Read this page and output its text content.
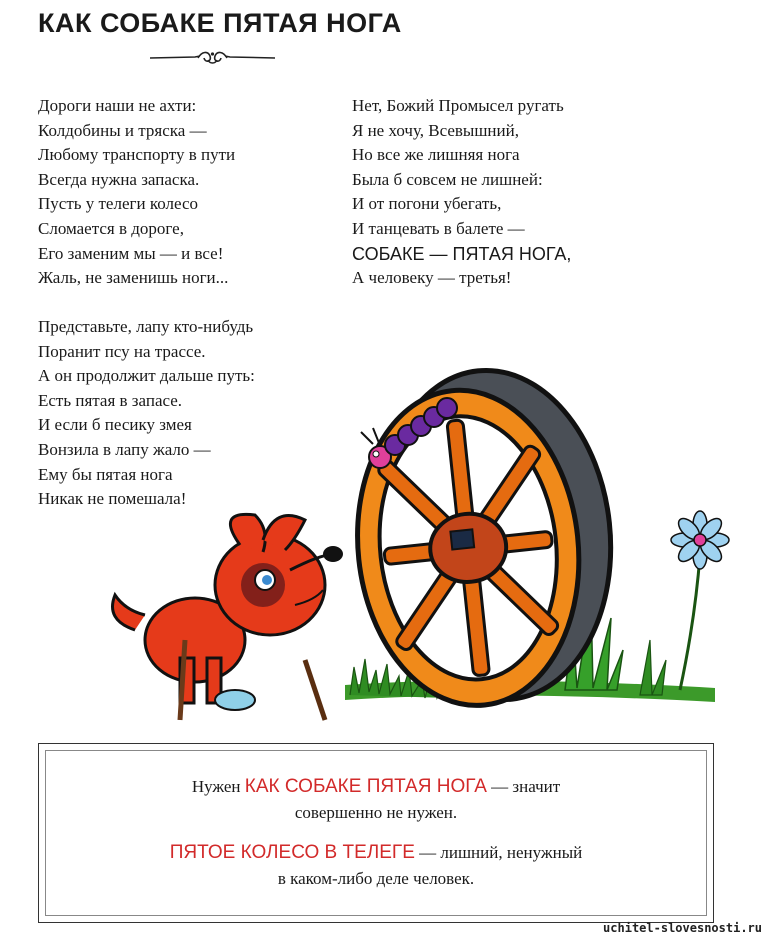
КАК СОБАКЕ ПЯТАЯ НОГА
Дороги наши не ахти:
Колдобины и тряска —
Любому транспорту в пути
Всегда нужна запаска.
Пусть у телеги колесо
Сломается в дороге,
Его заменим мы — и все!
Жаль, не заменишь ноги...
Представьте, лапу кто-нибудь
Поранит псу на трассе.
А он продолжит дальше путь:
Есть пятая в запасе.
И если б песику змея
Вонзила в лапу жало —
Ему бы пятая нога
Никак не помешала!
Нет, Божий Промысел ругать
Я не хочу, Всевышний,
Но все же лишняя нога
Была б совсем не лишней:
И от погони убегать,
И танцевать в балете —
СОБАКЕ — ПЯТАЯ НОГА,
А человеку — третья!
Нужен КАК СОБАКЕ ПЯТАЯ НОГА — значит
совершенно не нужен.
ПЯТОЕ КОЛЕСО В ТЕЛЕГЕ — лишний, ненужный
в каком-либо деле человек.
uchitel-slovesnosti.ru
